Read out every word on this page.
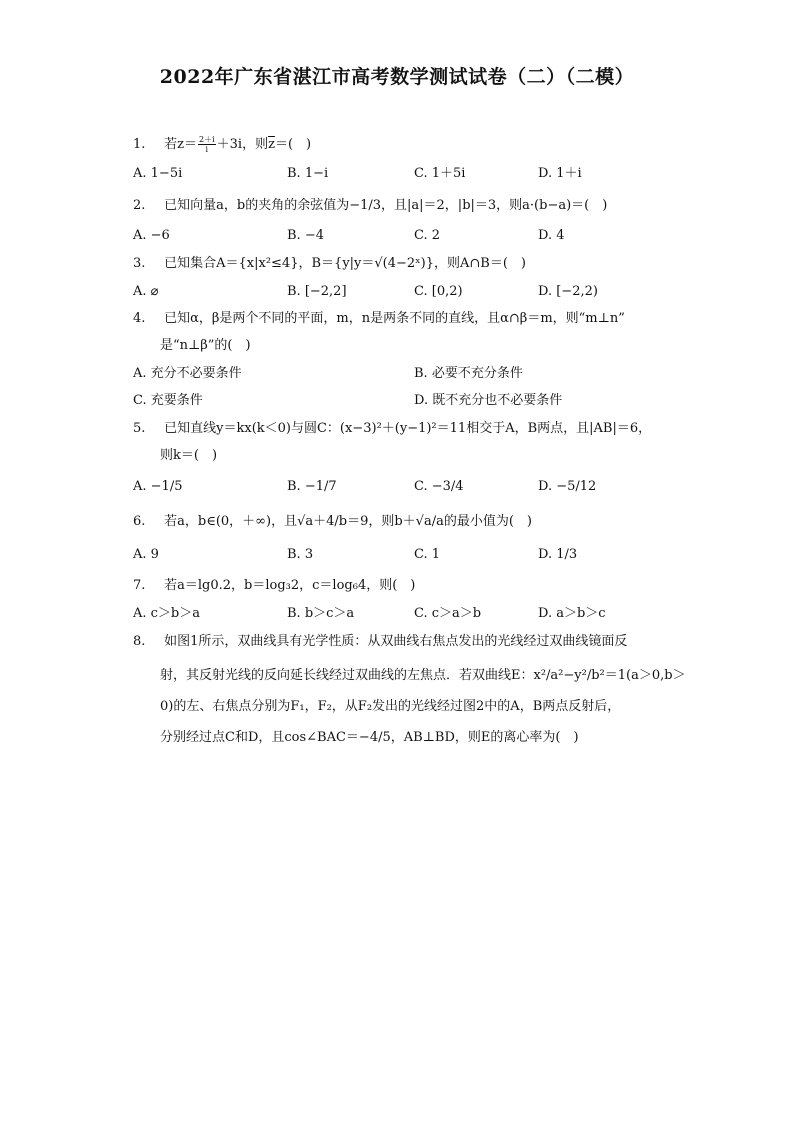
2022年广东省湛江市高考数学测试试卷（二）（二模）
1. 若$z= \frac{2+i}{i} +3i$，则$\overline{z}=$(　)
A. 1−5i	B. 1−i	C. 1＋5i	D. 1＋i
2. 已知向量a，b的夹角的余弦值为−1/3，且|a|＝2，|b|＝3，则a·(b−a)＝(　)
A. −6	B. −4	C. 2	D. 4
3. 已知集合A＝{x|x²≤4}，B＝{y|y＝√(4−2ˣ)}，则A∩B＝(　)
A. ⌀	B. [−2,2]	C. [0,2)	D. [−2,2)
4. 已知α，β是两个不同的平面，m，n是两条不同的直线，且α∩β＝m，则“m⊥n”
是“n⊥β”的(　)
A. 充分不必要条件	B. 必要不充分条件
C. 充要条件	D. 既不充分也不必要条件
5. 已知直线y＝kx(k＜0)与圆C：(x−3)²＋(y−1)²＝11相交于A，B两点，且|AB|＝6，
则k＝(　)
A. −1/5	B. −1/7	C. −3/4	D. −5/12
6. 若a，b∈(0，＋∞)，且√a＋4/b＝9，则b＋√a/a的最小值为(　)
A. 9	B. 3	C. 1	D. 1/3
7. 若a＝lg0.2，b＝log₃2，c＝log₆4，则(　)
A. c＞b＞a	B. b＞c＞a	C. c＞a＞b	D. a＞b＞c
8. 如图1所示，双曲线具有光学性质：从双曲线右焦点发出的光线经过双曲线镜面反
射，其反射光线的反向延长线经过双曲线的左焦点．若双曲线E：x²/a²−y²/b²＝1(a＞0,b＞
0)的左、右焦点分别为F₁，F₂，从F₂发出的光线经过图2中的A，B两点反射后，
分别经过点C和D，且cos∠BAC＝−4/5，AB⊥BD，则E的离心率为(　)
